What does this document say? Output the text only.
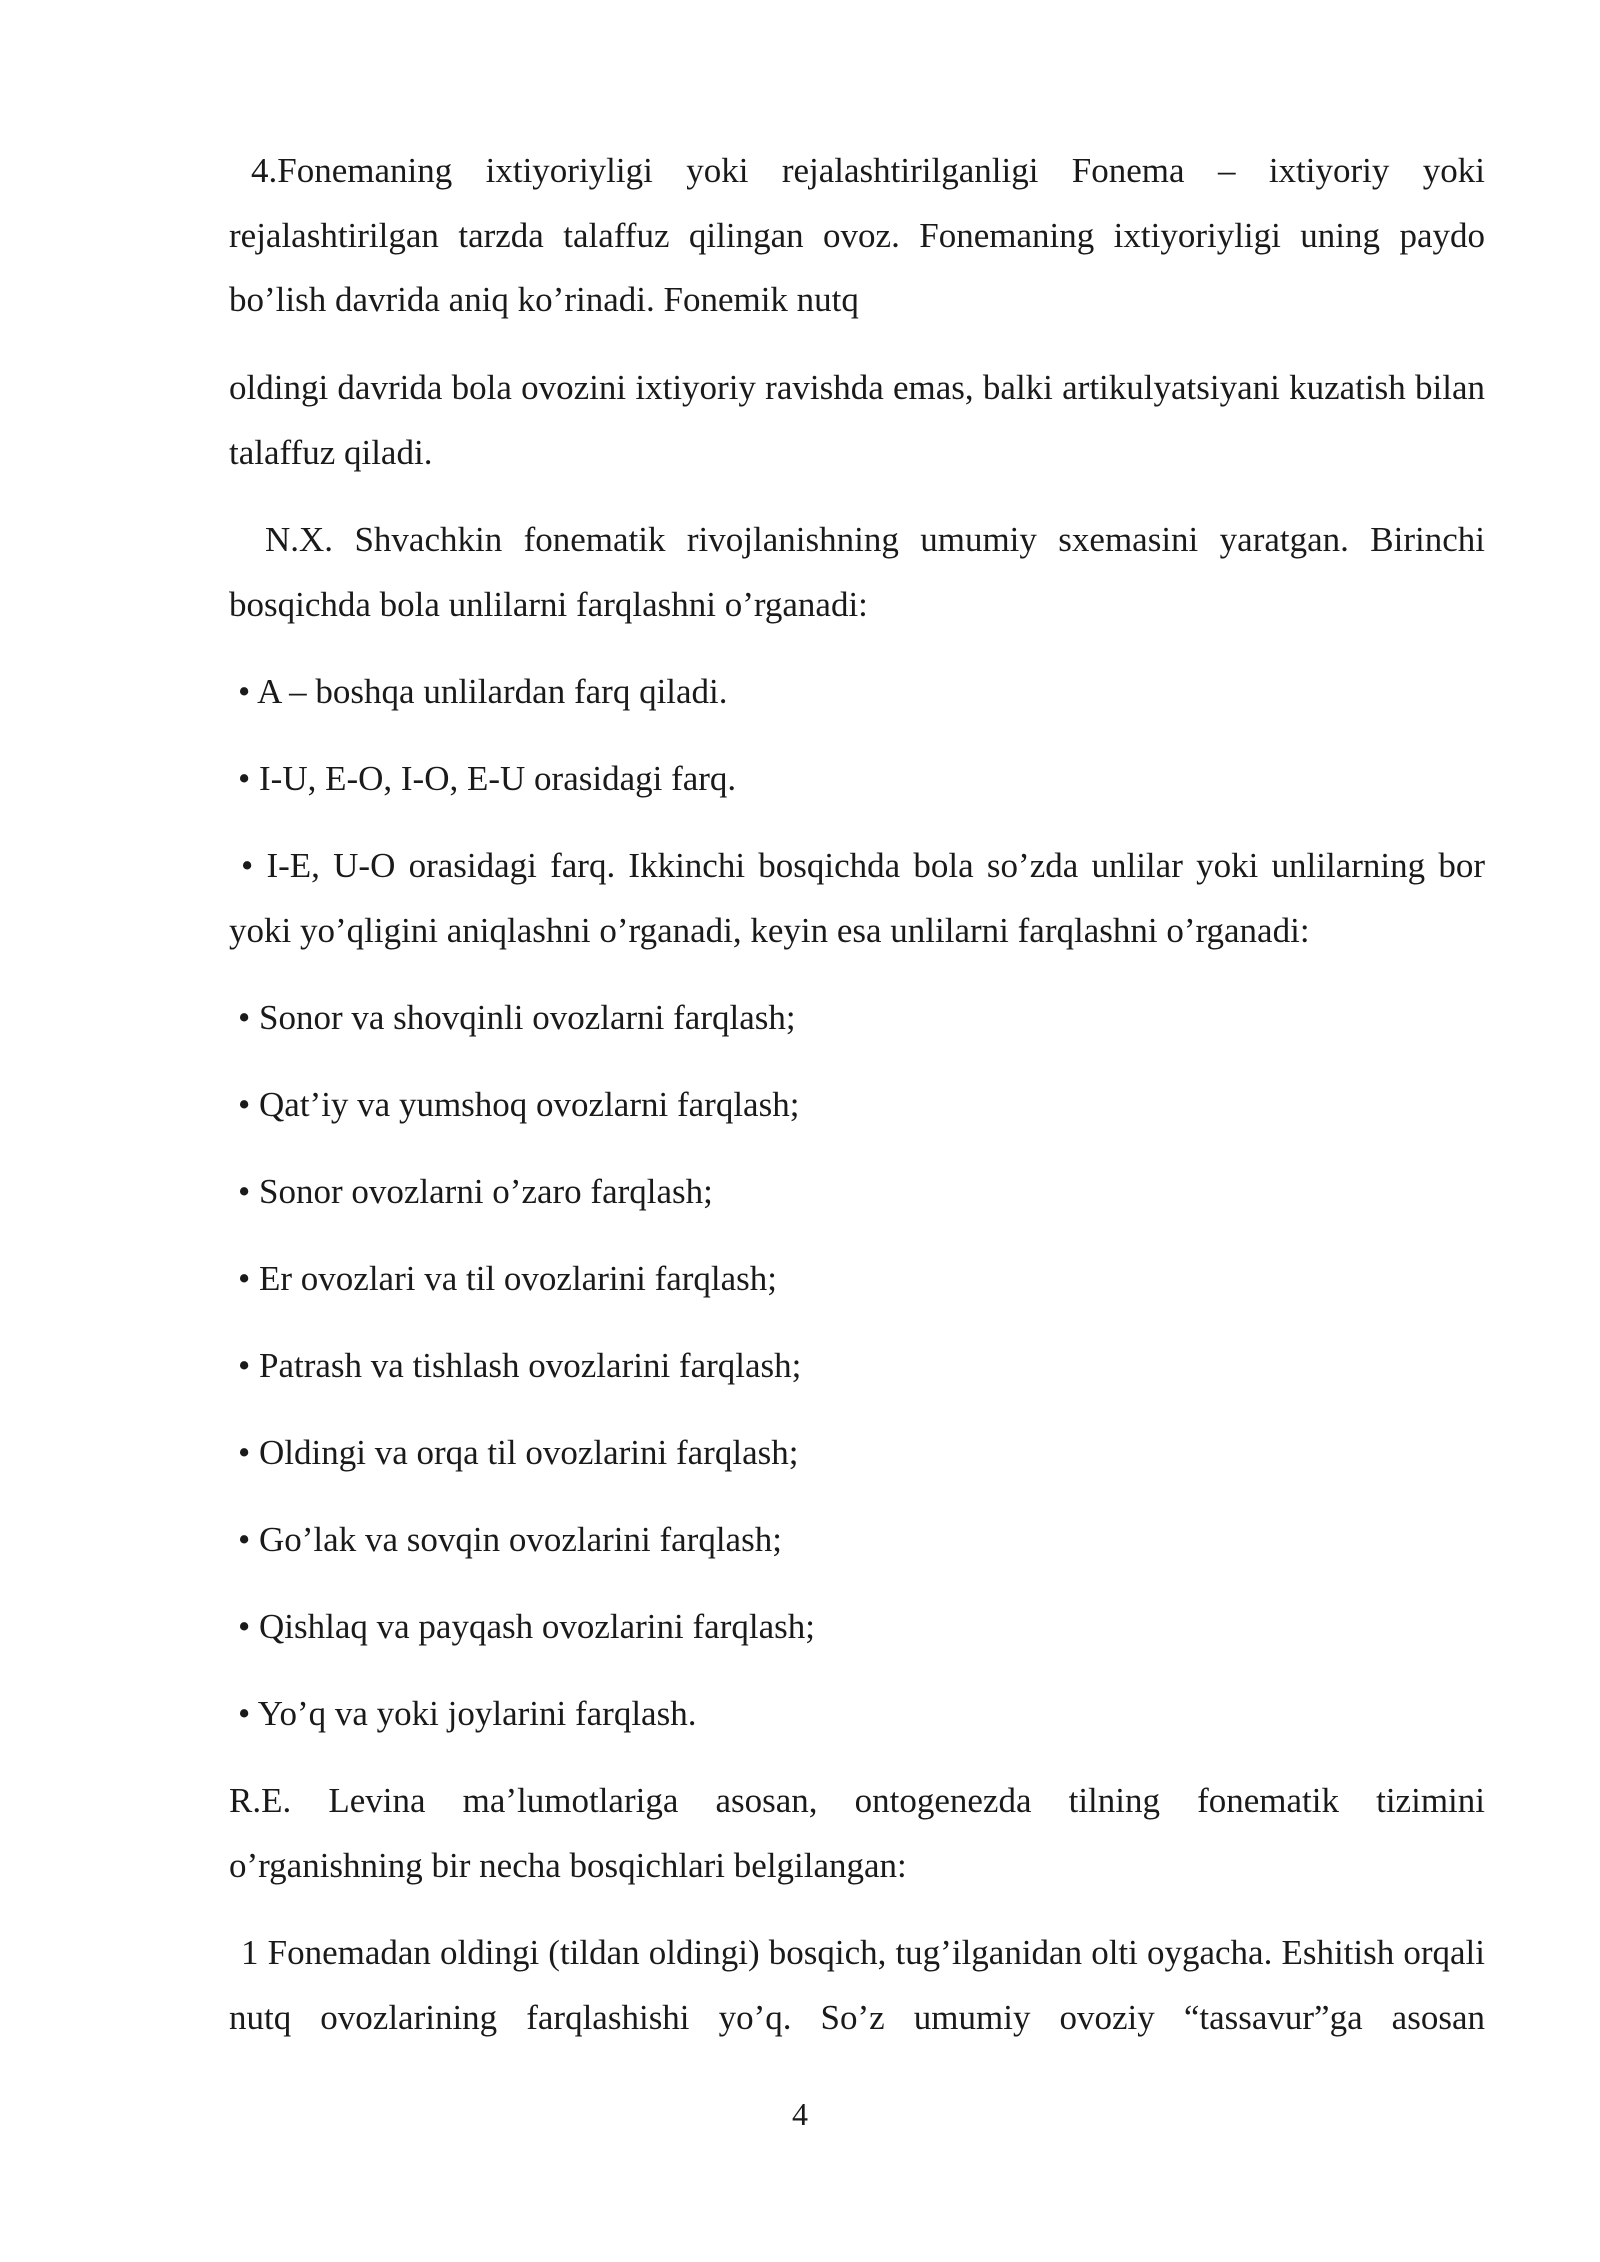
4.Fonemaning ixtiyoriyligi yoki rejalashtirilganligi Fonema – ixtiyoriy yoki rejalashtirilgan tarzda talaffuz qilingan ovoz. Fonemaning ixtiyoriyligi uning paydo bo’lish davrida aniq ko’rinadi. Fonemik nutq

oldingi davrida bola ovozini ixtiyoriy ravishda emas, balki artikulyatsiyani kuzatish bilan talaffuz qiladi.

N.X. Shvachkin fonematik rivojlanishning umumiy sxemasini yaratgan. Birinchi bosqichda bola unlilarni farqlashni o’rganadi:

• A – boshqa unlilardan farq qiladi.

• I-U, E-O, I-O, E-U orasidagi farq.

• I-E, U-O orasidagi farq. Ikkinchi bosqichda bola so’zda unlilar yoki unlilarning bor yoki yo’qligini aniqlashni o’rganadi, keyin esa unlilarni farqlashni o’rganadi:

• Sonor va shovqinli ovozlarni farqlash;

• Qat’iy va yumshoq ovozlarni farqlash;

• Sonor ovozlarni o’zaro farqlash;

• Er ovozlari va til ovozlarini farqlash;

• Patrash va tishlash ovozlarini farqlash;

• Oldingi va orqa til ovozlarini farqlash;

• Go’lak va sovqin ovozlarini farqlash;

• Qishlaq va payqash ovozlarini farqlash;

• Yo’q va yoki joylarini farqlash.

R.E. Levina ma’lumotlariga asosan, ontogenezda tilning fonematik tizimini o’rganishning bir necha bosqichlari belgilangan:

1 Fonemadan oldingi (tildan oldingi) bosqich, tug’ilganidan olti oygacha. Eshitish orqali nutq ovozlarining farqlashishi yo’q. So’z umumiy ovoziy “tassavur”ga asosan

4
